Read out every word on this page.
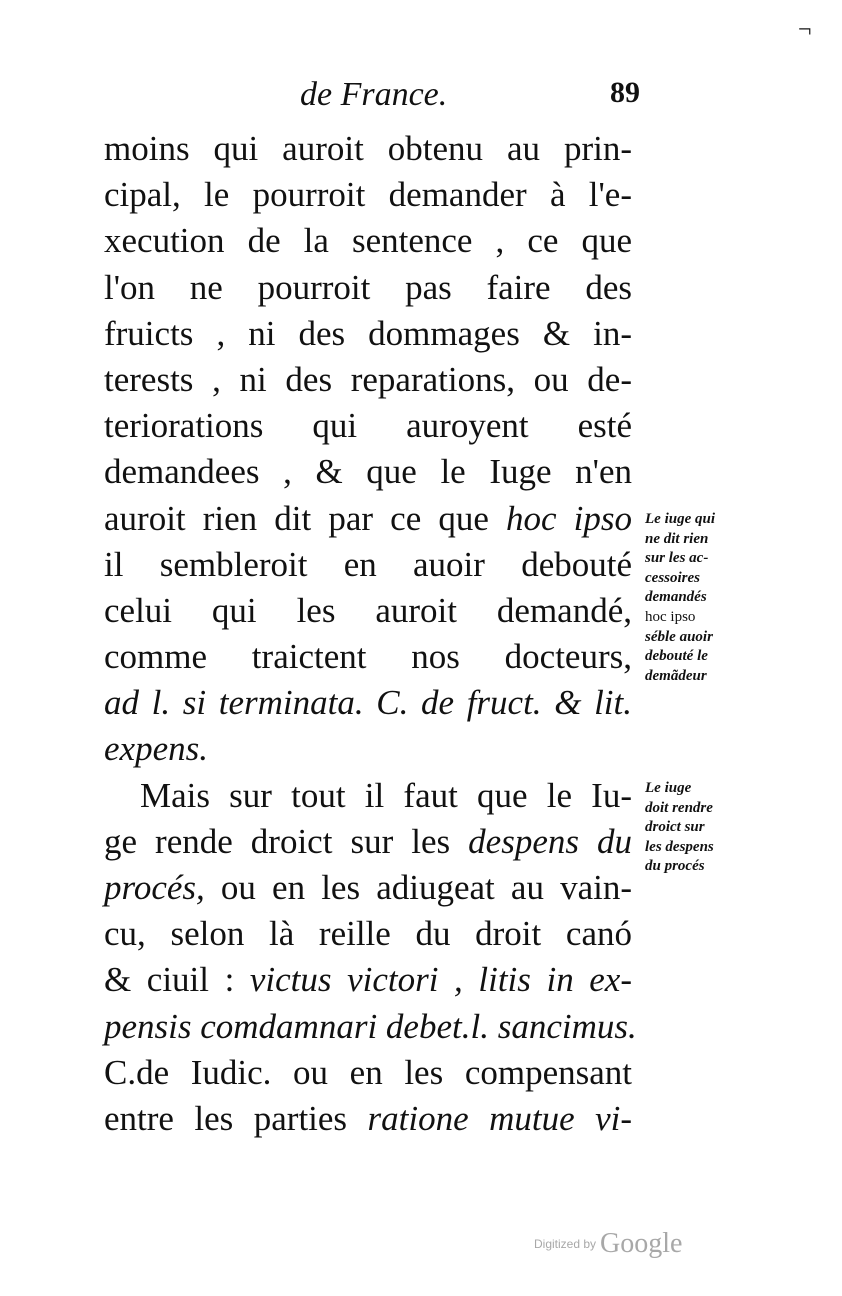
¬
de France.	89
moins qui auroit obtenu au prin-
cipal, le pourroit demander à l'e-
xecution de la sentence , ce que
l'on ne pourroit pas faire des
fruicts , ni des dommages & in-
terests , ni des reparations, ou de-
teriorations qui auroyent esté
demandees , & que le Iuge n'en
auroit rien dit par ce que hoc ipso
il sembleroit en auoir debouté
celui qui les auroit demandé,
comme traictent nos docteurs,
ad l. si terminata. C. de fruct. & lit.
expens.
Mais sur tout il faut que le Iu-
ge rende droict sur les despens du
procés, ou en les adiugeat au vain-
cu, selon là reille du droit canó
& ciuil : victus victori , litis in ex-
pensis comdamnari debet.l. sancimus.
C.de Iudic. ou en les compensant
entre les parties ratione mutue vi-
Le iuge qui
ne dit rien
sur les ac-
cessoires
demandés
hoc ipso
séble auoir
debouté le
demãdeur
Le iuge
doit rendre
droict sur
les despens
du procés
Digitized by Google
